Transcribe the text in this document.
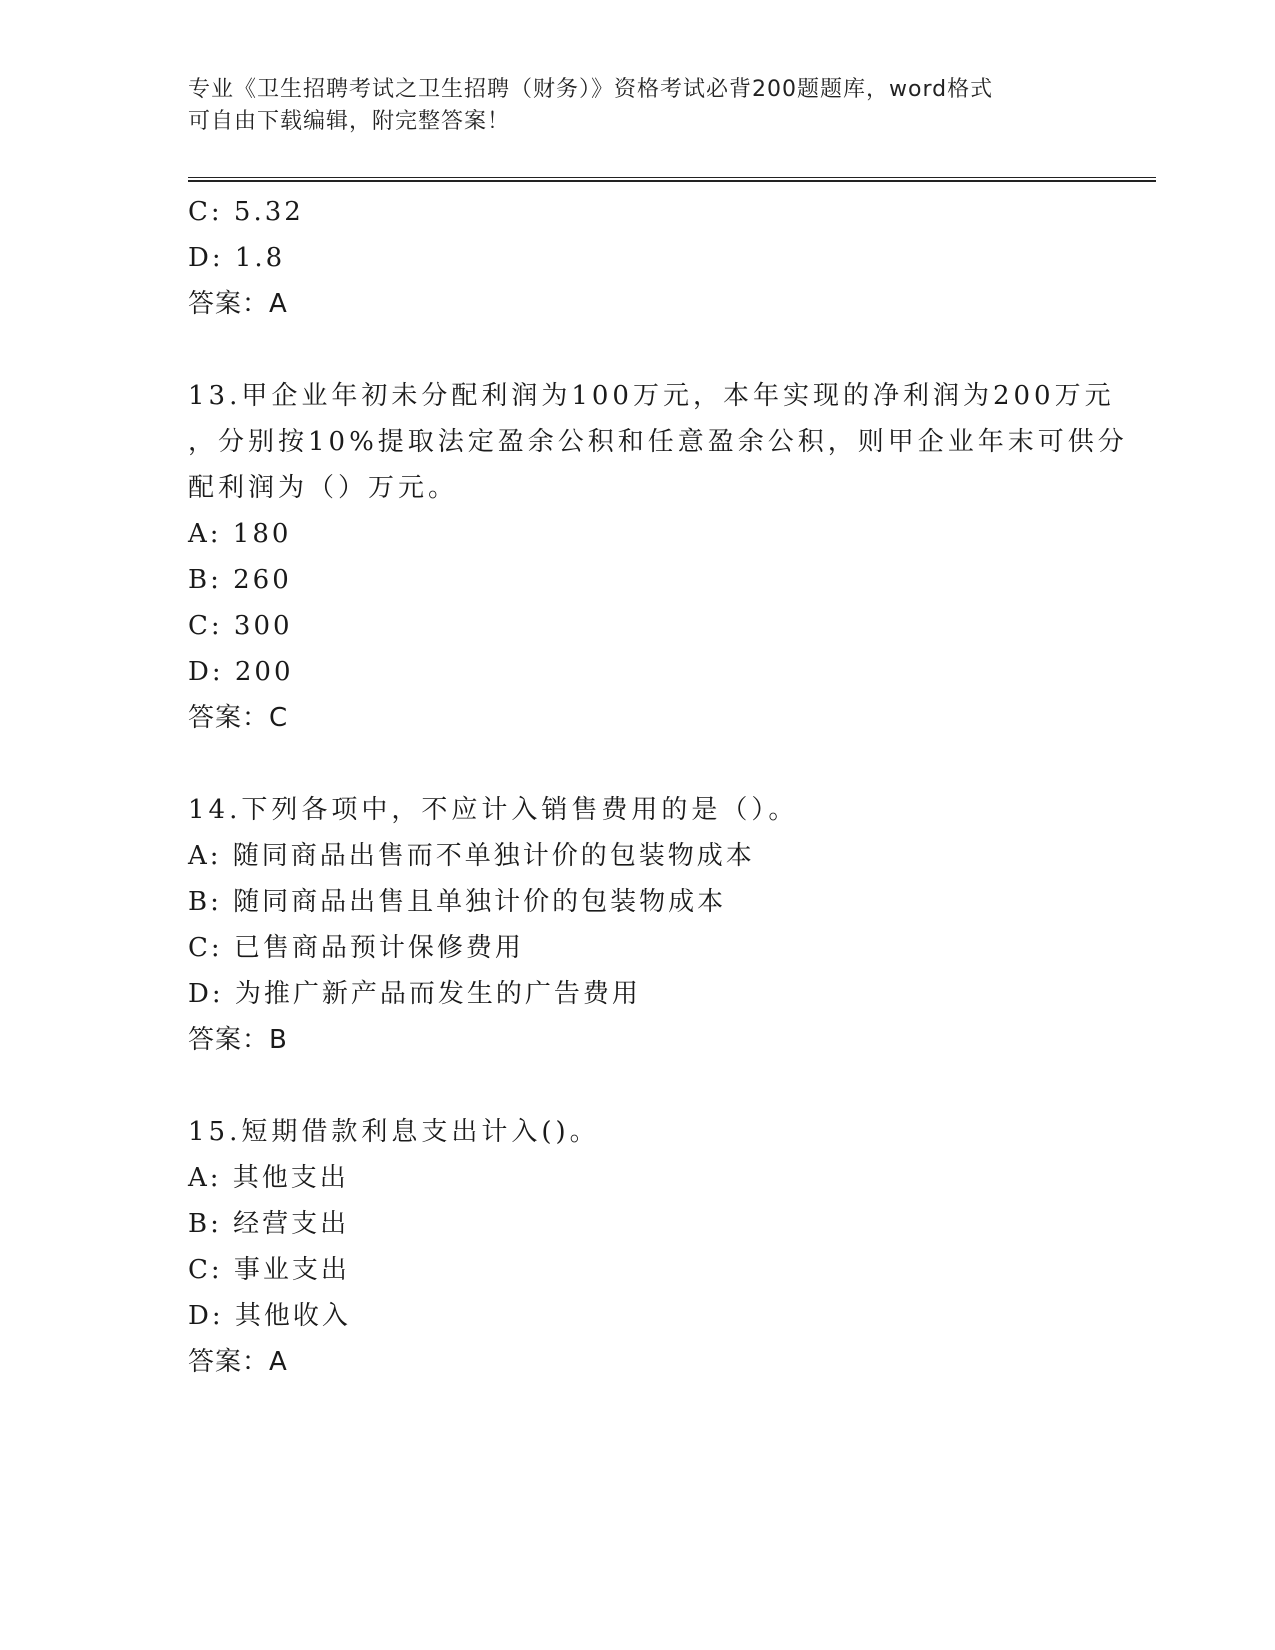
专业《卫生招聘考试之卫生招聘（财务）》资格考试必背200题题库，word格式
可自由下载编辑，附完整答案！
C: 5.32
D: 1.8
答案：A
13.甲企业年初未分配利润为100万元，本年实现的净利润为200万元
，分别按10%提取法定盈余公积和任意盈余公积，则甲企业年末可供分
配利润为（）万元。
A: 180
B: 260
C: 300
D: 200
答案：C
14.下列各项中，不应计入销售费用的是（）。
A: 随同商品出售而不单独计价的包装物成本
B: 随同商品出售且单独计价的包装物成本
C: 已售商品预计保修费用
D: 为推广新产品而发生的广告费用
答案：B
15.短期借款利息支出计入()。
A: 其他支出
B: 经营支出
C: 事业支出
D: 其他收入
答案：A
